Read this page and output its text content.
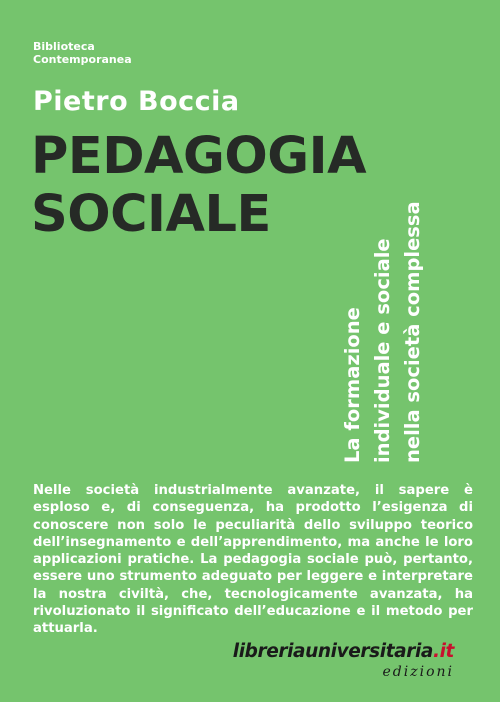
Biblioteca
Contemporanea
Pietro Boccia
PEDAGOGIA
SOCIALE
La formazione individuale e sociale nella società complessa
Nelle società industrialmente avanzate, il sapere è esploso e, di conseguenza, ha prodotto l’esigenza di conoscere non solo le peculiarità dello sviluppo teorico dell’insegnamento e dell’apprendimento, ma anche le loro applicazioni pratiche. La pedagogia sociale può, pertanto, essere uno strumento adeguato per leggere e interpretare la nostra civiltà, che, tecnologicamente avanzata, ha rivoluzionato il significato dell’educazione e il metodo per attuarla.
libreriauniversitaria.it
edizioni
